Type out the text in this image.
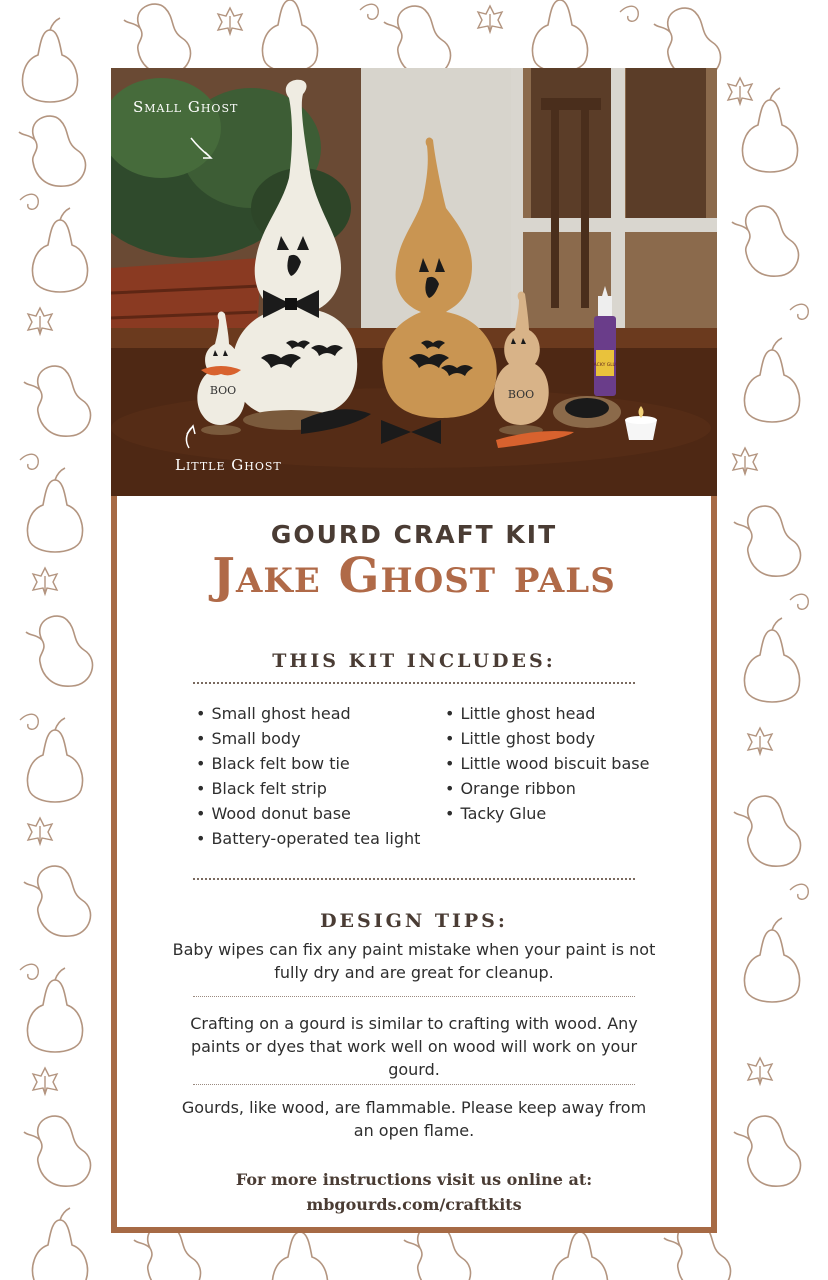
BOO	BOO
TACKY GLUE
Small Ghost
Little Ghost
GOURD CRAFT KIT
Jake Ghost pals
THIS KIT INCLUDES:
• Small ghost head
• Small body
• Black felt bow tie
• Black felt strip
• Wood donut base
• Battery-operated tea light
• Little ghost head
• Little ghost body
• Little wood biscuit base
• Orange ribbon
• Tacky Glue
DESIGN TIPS:

Baby wipes can fix any paint mistake when your paint is not fully dry and are great for cleanup.

Crafting on a gourd is similar to crafting with wood. Any paints or dyes that work well on wood will work on your gourd.

Gourds, like wood, are flammable. Please keep away from an open flame.

For more instructions visit us online at:

mbgourds.com/craftkits
